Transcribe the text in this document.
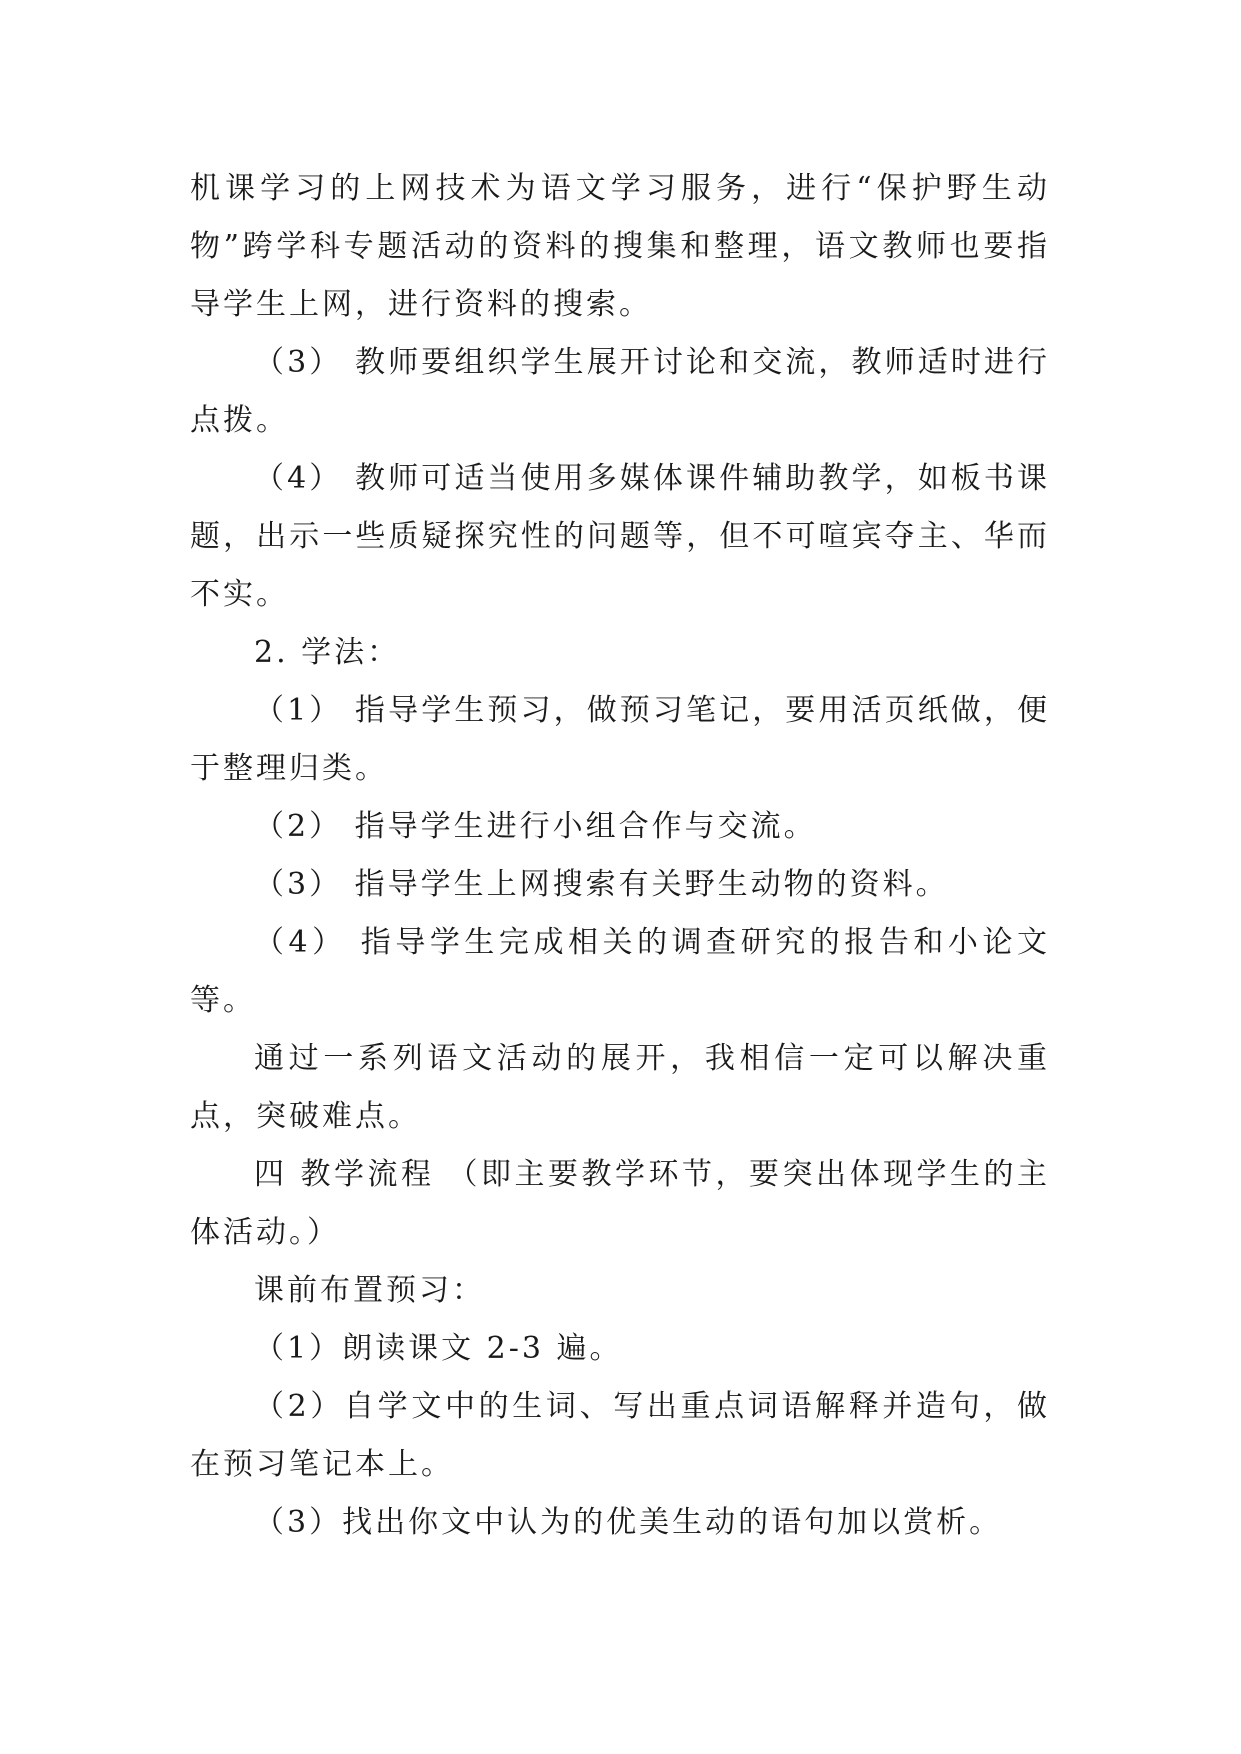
机课学习的上网技术为语文学习服务，进行“保护野生动物”跨学科专题活动的资料的搜集和整理，语文教师也要指导学生上网，进行资料的搜索。

（3） 教师要组织学生展开讨论和交流，教师适时进行点拨。

（4） 教师可适当使用多媒体课件辅助教学，如板书课题，出示一些质疑探究性的问题等，但不可喧宾夺主、华而不实。

2. 学法：

（1） 指导学生预习，做预习笔记，要用活页纸做，便于整理归类。

（2） 指导学生进行小组合作与交流。

（3） 指导学生上网搜索有关野生动物的资料。

（4） 指导学生完成相关的调查研究的报告和小论文等。

通过一系列语文活动的展开，我相信一定可以解决重点，突破难点。

四 教学流程 （即主要教学环节，要突出体现学生的主体活动。）

课前布置预习：

（1）朗读课文 2-3 遍。

（2）自学文中的生词、写出重点词语解释并造句，做在预习笔记本上。

（3）找出你文中认为的优美生动的语句加以赏析。
